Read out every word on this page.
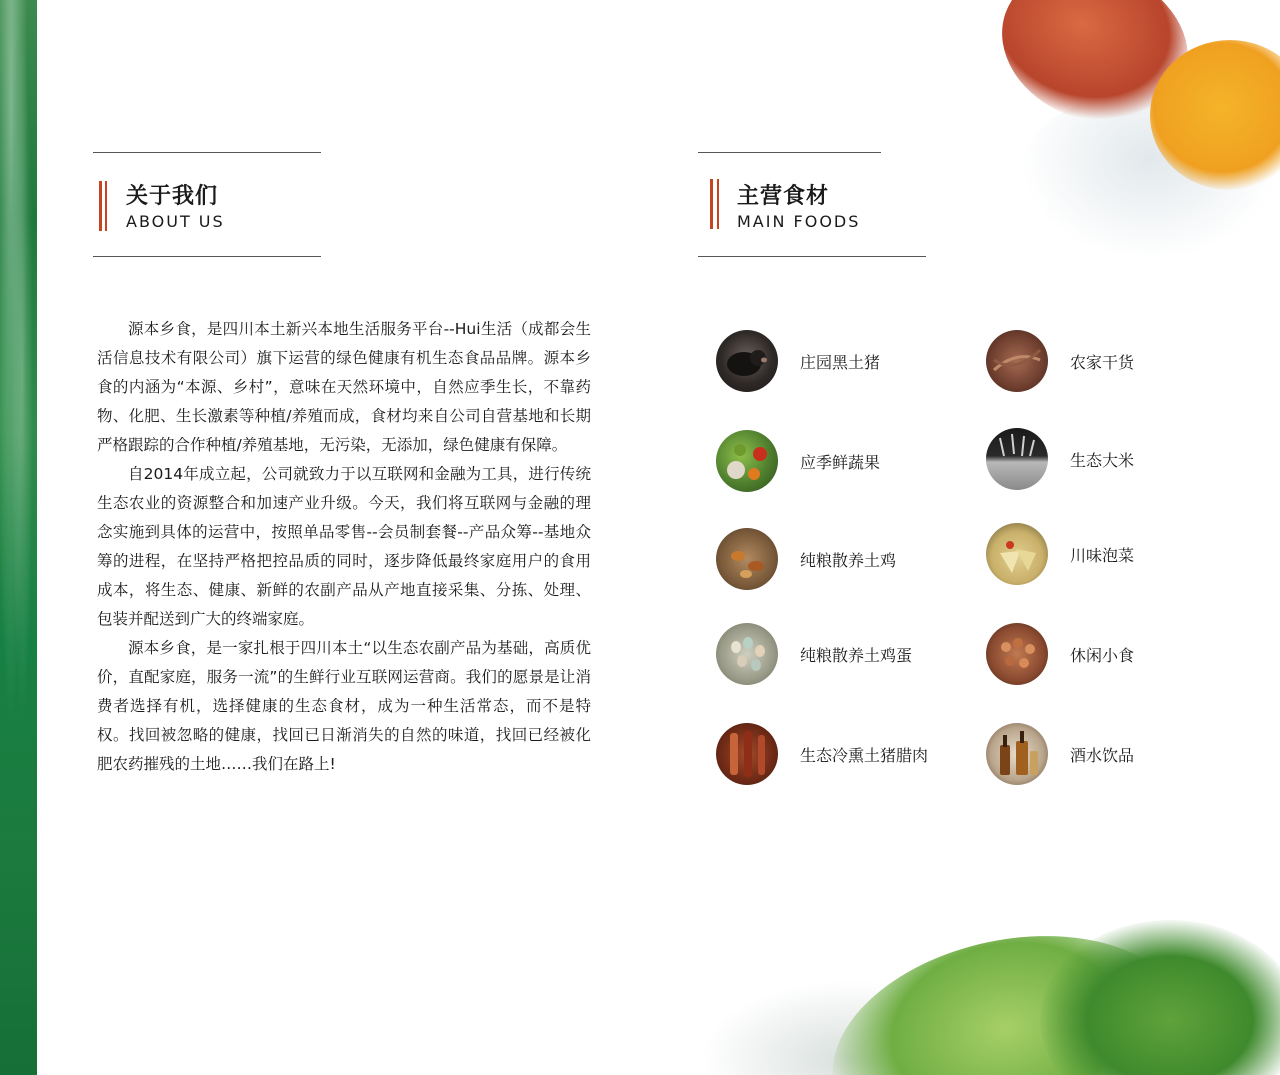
关于我们
ABOUT US

源本乡食，是四川本土新兴本地生活服务平台--Hui生活（成都会生活信息技术有限公司）旗下运营的绿色健康有机生态食品品牌。源本乡食的内涵为“本源、乡村”，意味在天然环境中，自然应季生长，不靠药物、化肥、生长激素等种植/养殖而成，食材均来自公司自营基地和长期严格跟踪的合作种植/养殖基地，无污染，无添加，绿色健康有保障。

自2014年成立起，公司就致力于以互联网和金融为工具，进行传统生态农业的资源整合和加速产业升级。今天，我们将互联网与金融的理念实施到具体的运营中，按照单品零售--会员制套餐--产品众筹--基地众筹的进程，在坚持严格把控品质的同时，逐步降低最终家庭用户的食用成本，将生态、健康、新鲜的农副产品从产地直接采集、分拣、处理、包装并配送到广大的终端家庭。

源本乡食，是一家扎根于四川本土“以生态农副产品为基础，高质优价，直配家庭，服务一流”的生鲜行业互联网运营商。我们的愿景是让消费者选择有机，选择健康的生态食材，成为一种生活常态，而不是特权。找回被忽略的健康，找回已日渐消失的自然的味道，找回已经被化肥农药摧残的土地……我们在路上!

主营食材
MAIN FOODS
庄园黑土猪
应季鲜蔬果
纯粮散养土鸡
纯粮散养土鸡蛋
生态冷熏土猪腊肉
农家干货
生态大米
川味泡菜
休闲小食
酒水饮品
